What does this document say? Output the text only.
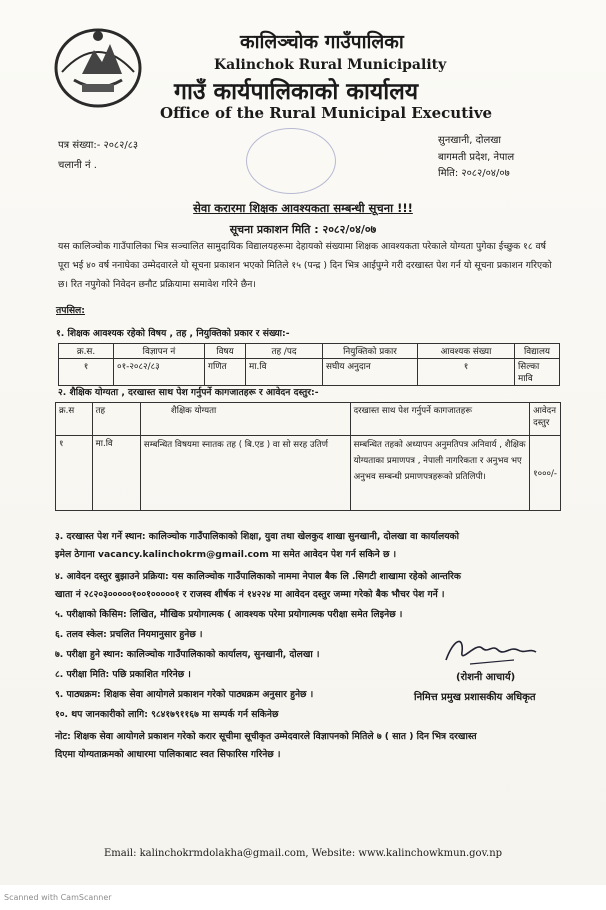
कालिञ्चोक गाउँपालिका
Kalinchok Rural Municipality
गाउँ कार्यपालिकाको कार्यालय
Office of the Rural Municipal Executive
पत्र संख्या:- २०८२/८३
चलानी नं .
सुनखानी, दोलखा
बागमती प्रदेश, नेपाल
मिति: २०८२/०४/०७
सेवा करारमा शिक्षक आवश्यकता सम्बन्धी सूचना !!!
सूचना प्रकाशन मिति : २०८२/०४/०७
यस कालिञ्चोक गाउँपालिका भित्र सञ्चालित सामुदायिक विद्यालयहरूमा देहायको संख्यामा शिक्षक आवश्यकता परेकाले योग्यता पुगेका ईच्छुक १८ वर्ष पूरा भई ४० वर्ष ननाघेका उम्मेदवारले यो सूचना प्रकाशन भएको मितिले १५ (पन्द्र ) दिन भित्र आईपुग्ने गरी दरखास्त पेश गर्न यो सूचना प्रकाशन गरिएको छ। रित नपुगेको निवेदन छनौट प्रक्रियामा समावेश गरिने छैन।
तपसिल:
१. शिक्षक आवश्यक रहेको विषय , तह , नियुक्तिको प्रकार र संख्या:-
क्र.स.	विज्ञापन नं	विषय	तह /पद	नियुक्तिको प्रकार	आवश्यक संख्या	विद्यालय
१	०१-२०८२/८३	गणित	मा.वि	सघीय अनुदान	१	सिल्का मावि
२. शैक्षिक योग्यता , दरखास्त साथ पेश गर्नुपर्ने कागजातहरू र आवेदन दस्तुर:-
क्र.स	तह	शैक्षिक योग्यता	दरखास्त साथ पेश गर्नुपर्ने कागजातहरू	आवेदन दस्तुर
१	मा.वि	सम्बन्धित विषयमा स्नातक तह ( बि.एड ) वा सो सरह उतिर्ण	सम्बन्धित तहको अध्यापन अनुमतिपत्र अनिवार्य , शैक्षिक योग्यताका प्रमाणपत्र , नेपाली नागरिकता र अनुभव भए अनुभव सम्बन्धी प्रमाणपत्रहरूको प्रतिलिपी।	१०००/-
३. दरखास्त पेश गर्ने स्थान: कालिञ्चोक गाउँपालिकाको शिक्षा, युवा तथा खेलकुद शाखा सुनखानी, दोलखा वा कार्यालयको
इमेल ठेगाना vacancy.kalinchokrm@gmail.com मा समेत आवेदन पेश गर्न सकिने छ ।
४. आवेदन दस्तुर बुझाउने प्रक्रिया: यस कालिञ्चोक गाउँपालिकाको नाममा नेपाल बैक लि .सिगटी शाखामा रहेको आन्तरिक
खाता नं २८२०३०००००१००१०००००१ र राजस्व शीर्षक नं १४२२४ मा आवेदन दस्तुर जम्मा गरेको बैक भौचर पेश गर्ने ।
५. परीक्षाको किसिम: लिखित, मौखिक प्रयोगात्मक ( आवश्यक परेमा प्रयोगात्मक परीक्षा समेत लिइनेछ ।
६. तलव स्केल: प्रचलित नियमानुसार हुनेछ ।
७. परीक्षा हुने स्थान: कालिञ्चोक गाउँपालिकाको कार्यालय, सुनखानी, दोलखा ।
८. परीक्षा मिति: पछि प्रकाशित गरिनेछ ।
९. पाठ्यक्रम: शिक्षक सेवा आयोगले प्रकाशन गरेको पाठ्यक्रम अनुसार हुनेछ ।
१०. थप जानकारीको लागि: ९८४१७९११६७ मा सम्पर्क गर्न सकिनेछ
नोट: शिक्षक सेवा आयोगले प्रकाशन गरेको करार सूचीमा सूचीकृत उम्मेदवारले विज्ञापनको मितिले ७ ( सात ) दिन भित्र दरखास्त
दिएमा योग्यताक्रमको आधारमा पालिकाबाट स्वत सिफारिस गरिनेछ ।
(रोशनी आचार्य)
निमित्त प्रमुख प्रशासकीय अधिकृत
Email: kalinchokrmdolakha@gmail.com, Website: www.kalinchowkmun.gov.np
Scanned with CamScanner
